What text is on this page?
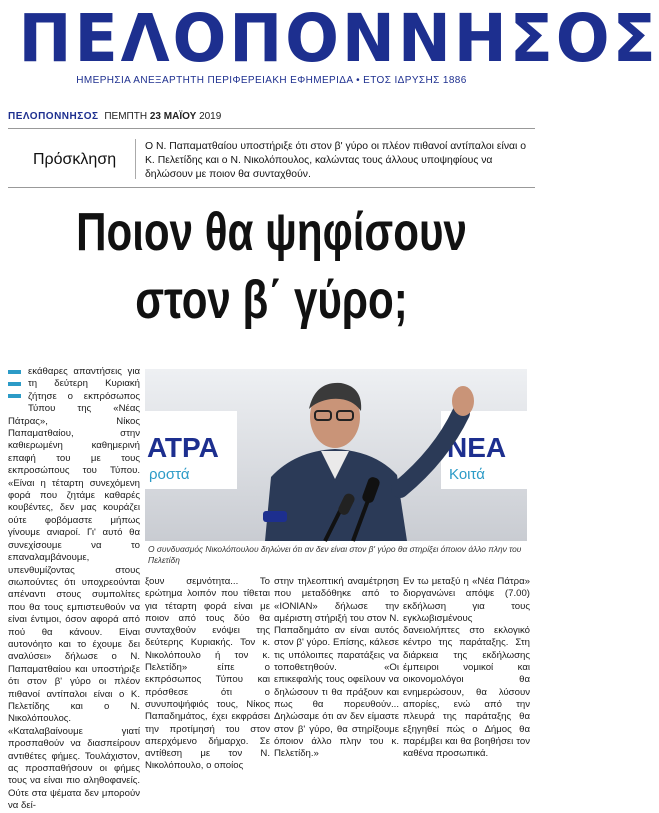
ΠΕΛΟΠΟΝΝΗΣΟΣ
ΗΜΕΡΗΣΙΑ ΑΝΕΞΑΡΤΗΤΗ ΠΕΡΙΦΕΡΕΙΑΚΗ ΕΦΗΜΕΡΙΔΑ • ΕΤΟΣ ΙΔΡΥΣΗΣ 1886
ΠΕΛΟΠΟΝΝΗΣΟΣ ΠΕΜΠΤΗ 23 ΜΑΪΟΥ 2019
Πρόσκληση
Ο Ν. Παπαματθαίου υποστήριξε ότι στον β' γύρο οι πλέον πιθανοί αντίπαλοι είναι ο Κ. Πελετίδης και ο Ν. Νικολόπουλος, καλώντας τους άλλους υποψηφίους να δηλώσουν με ποιον θα συνταχθούν.
Ποιον θα ψηφίσουν
στον β΄ γύρο;
εκάθαρες απαντήσεις για τη δεύτερη Κυριακή ζήτησε ο εκπρόσωπος Τύπου της «Νέας Πάτρας», Νίκος Παπαματθαίου, στην καθιερωμένη καθημερινή επαφή του με τους εκπροσώπους του Τύπου. «Είναι η τέταρτη συνεχόμενη φορά που ζητάμε καθαρές κουβέντες, δεν μας κουράζει ούτε φοβόμαστε μήπως γίνουμε ανιαροί. Γι' αυτό θα συνεχίσουμε να το επαναλαμβάνουμε, υπενθυμίζοντας στους σιωπούντες ότι υποχρεούνται απέναντι στους συμπολίτες που θα τους εμπιστευθούν να είναι έντιμοι, όσον αφορά από πού θα κάνουν. Είναι αυτονόητο και το έχουμε δει αναλύσει» δήλωσε ο Ν. Παπαματθαίου και υποστήριξε ότι στον β' γύρο οι πλέον πιθανοί αντίπαλοι είναι ο Κ. Πελετίδης και ο Ν. Νικολόπουλος. «Καταλαβαίνουμε γιατί προσπαθούν να διασπείρουν αντιθέτες φήμες. Τουλάχιστον, ας προσπαθήσουν οι φήμες τους να είναι πιο αληθοφανείς. Ούτε στα ψέματα δεν μπορούν να δεί-
ΑΤΡΑ
ροστά
ΝΕΑ
Κοιτά
Ο συνδυασμός Νικολόπουλου δηλώνει ότι αν δεν είναι στον β' γύρο θα στηρίξει όποιον άλλο πλην του Πελετίδη
ξουν σεμνότητα... Το ερώτημα λοιπόν που τίθεται για τέταρτη φορά είναι με ποιον από τους δύο θα συνταχθούν ενόψει της δεύτερης Κυριακής. Τον κ. Νικολόπουλο ή τον κ. Πελετίδη» είπε ο εκπρόσωπος Τύπου και πρόσθεσε ότι ο συνυποψήφιός τους, Νίκος Παπαδημάτος, έχει εκφράσει την προτίμησή του στον απερχόμενο δήμαρχο. Σε αντίθεση με τον Ν. Νικολόπουλο, ο οποίος
στην τηλεοπτική αναμέτρηση που μεταδόθηκε από το «ΙΟΝΙΑΝ» δήλωσε την αμέριστη στήριξή του στον Ν. Παπαδημάτο αν είναι αυτός στον β' γύρο. Επίσης, κάλεσε τις υπόλοιπες παρατάξεις να τοποθετηθούν. «Οι επικεφαλής τους οφείλουν να δηλώσουν τι θα πράξουν και πως θα πορευθούν... Δηλώσαμε ότι αν δεν είμαστε στον β' γύρο, θα στηρίξουμε όποιον άλλο πλην του κ. Πελετίδη.»
Εν τω μεταξύ η «Νέα Πάτρα» διοργανώνει απόψε (7.00) εκδήλωση για τους εγκλωβισμένους δανειολήπτες στο εκλογικό κέντρο της παράταξης. Στη διάρκεια της εκδήλωσης έμπειροι νομικοί και οικονομολόγοι θα ενημερώσουν, θα λύσουν απορίες, ενώ από την πλευρά της παράταξης θα εξηγηθεί πώς ο Δήμος θα παρέμβει και θα βοηθήσει τον καθένα προσωπικά.
